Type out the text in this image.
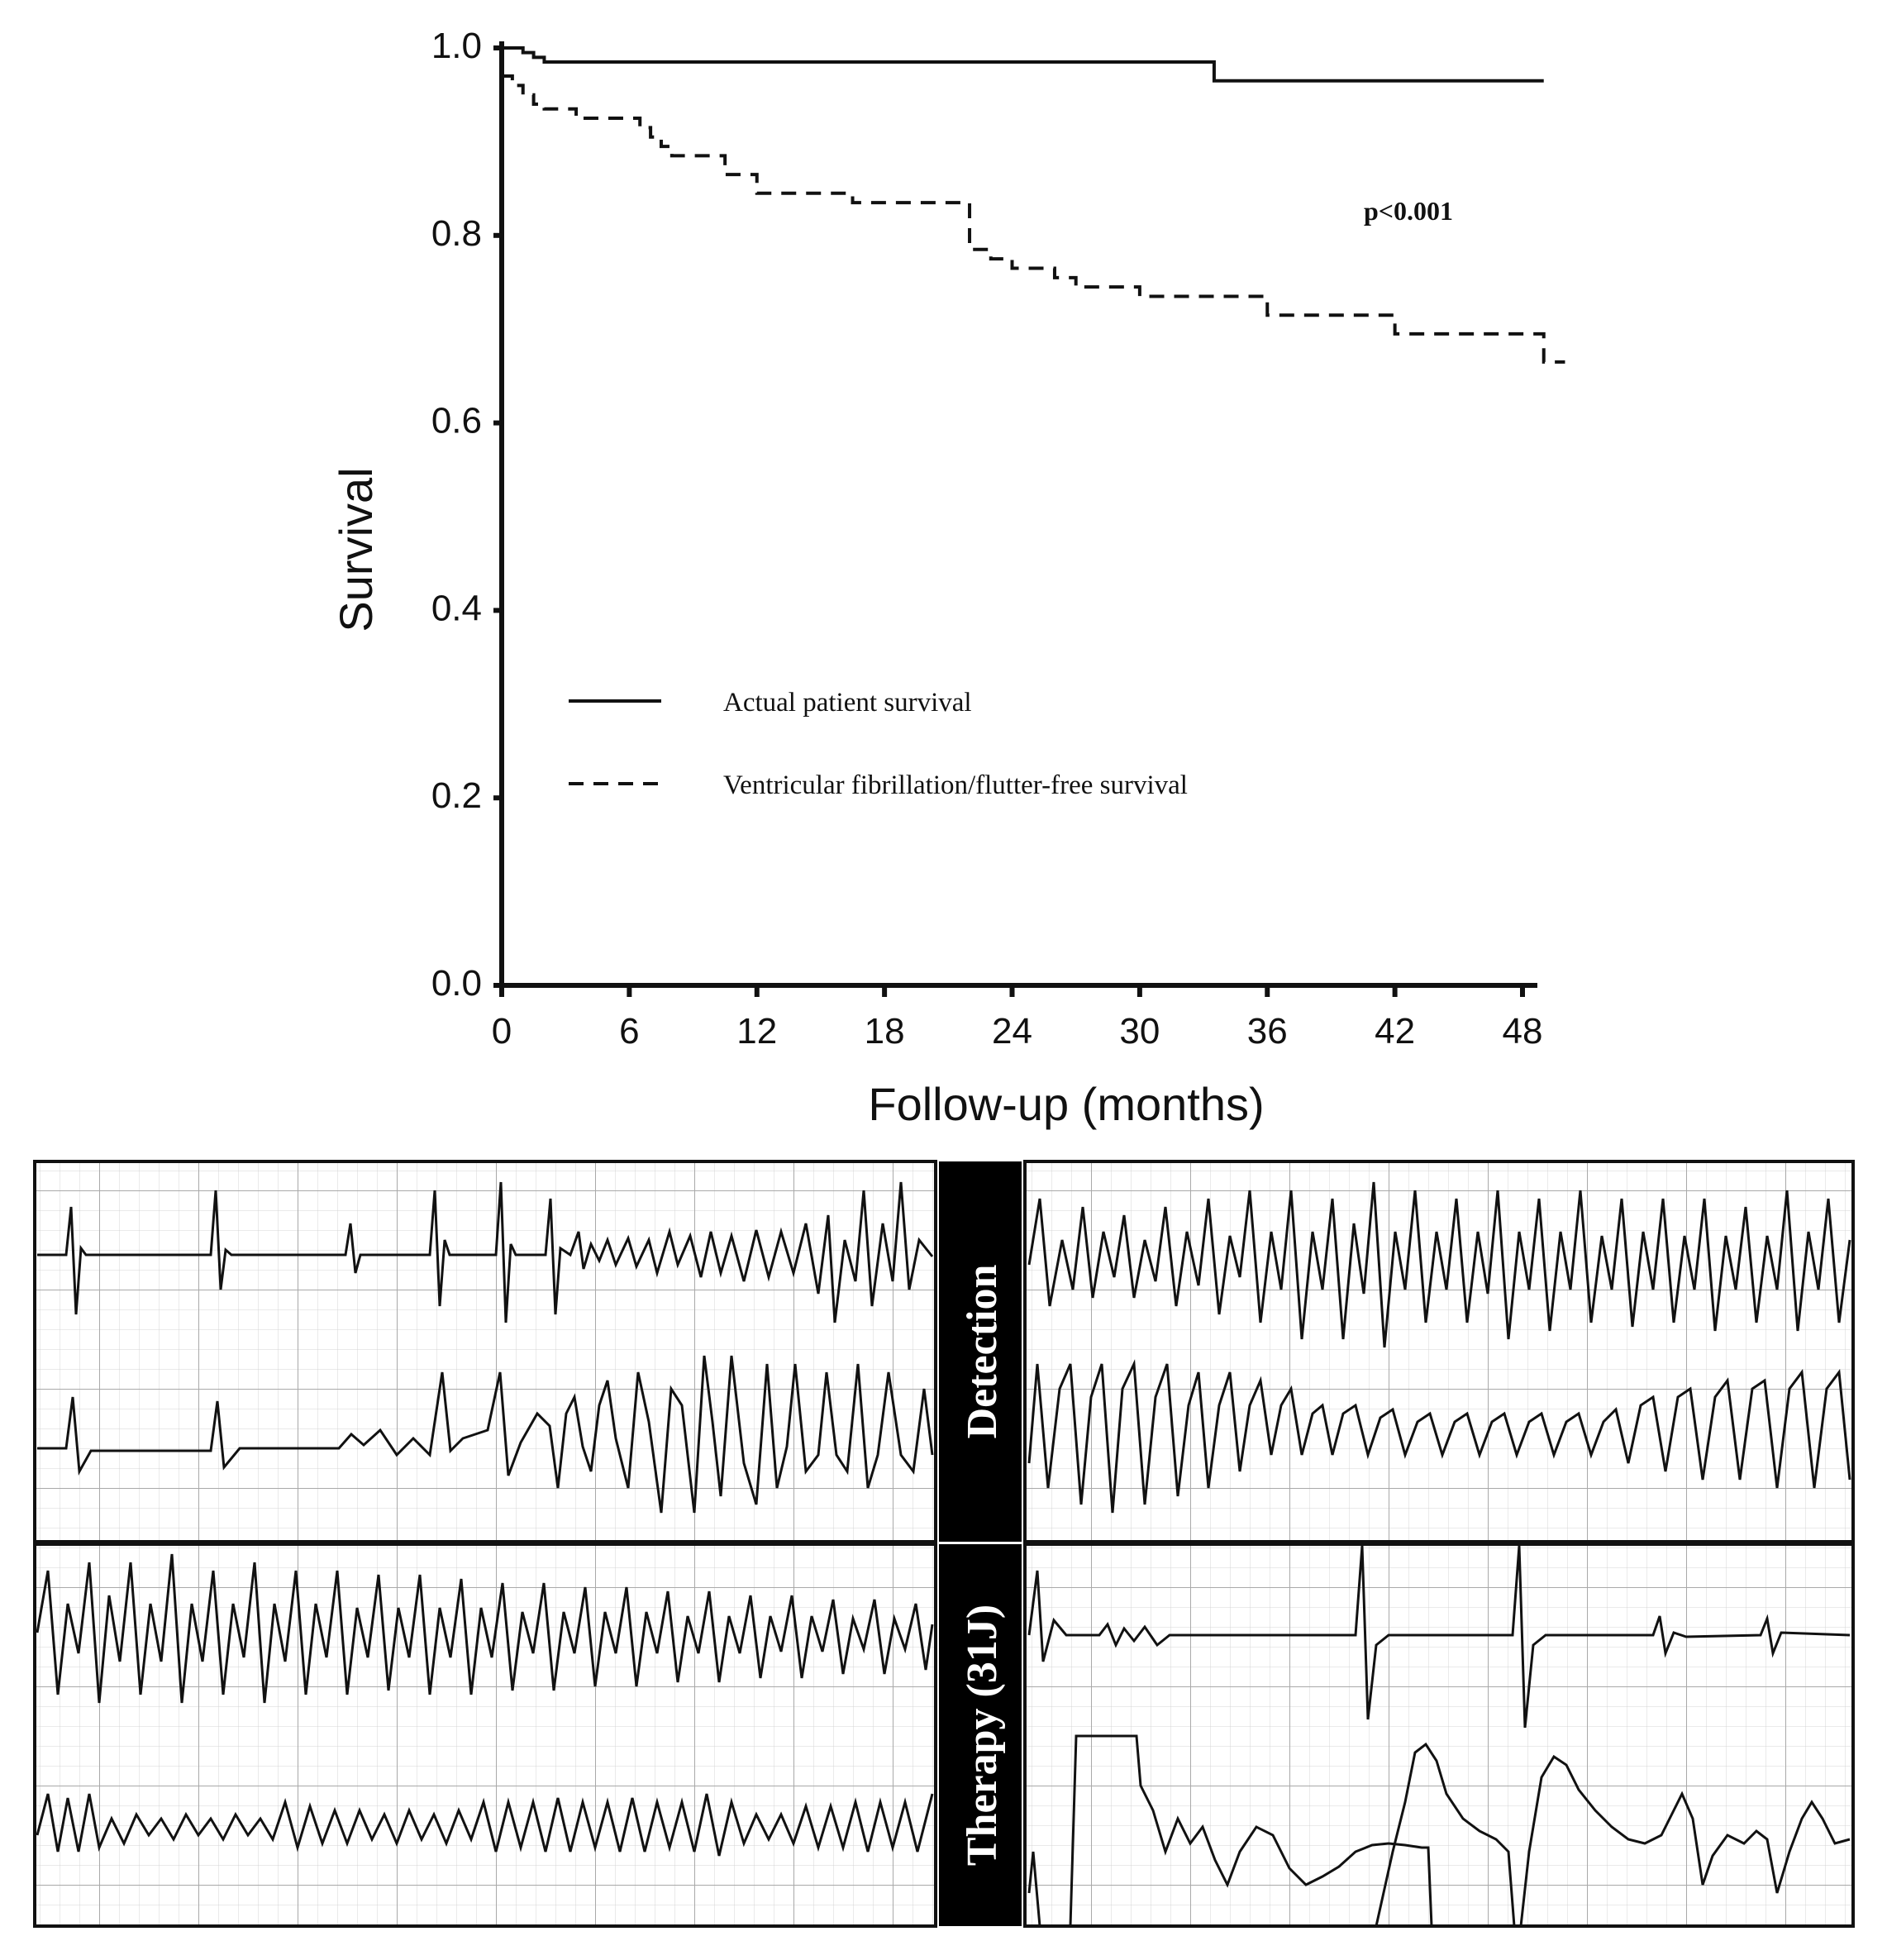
0.0
0.2
0.4
0.6
0.8
1.0
0	6	12 18 24 30 36 42 48
Survival
Follow-up (months)
p<0.001
Actual patient survival
Ventricular fibrillation/flutter-free survival
Detection
Therapy (31J)
